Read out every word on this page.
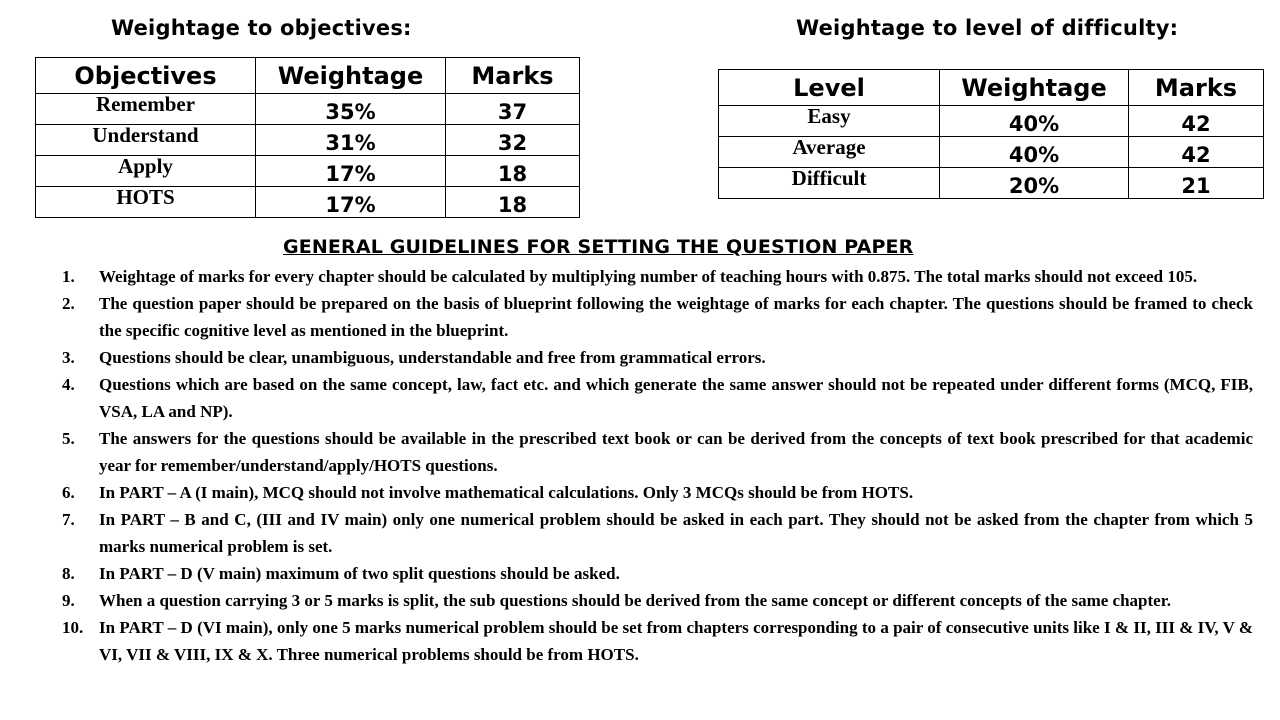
Weightage to objectives:
Objectives	Weightage	Marks
Remember	35%	37
Understand	31%	32
Apply	17%	18
HOTS	17%	18
Weightage to level of difficulty:
Level	Weightage	Marks
Easy	40%	42
Average	40%	42
Difficult	20%	21
GENERAL GUIDELINES FOR SETTING THE QUESTION PAPER
1. Weightage of marks for every chapter should be calculated by multiplying number of teaching hours with 0.875. The total marks should not exceed 105.
2. The question paper should be prepared on the basis of blueprint following the weightage of marks for each chapter. The questions should be framed to check the specific cognitive level as mentioned in the blueprint.
3. Questions should be clear, unambiguous, understandable and free from grammatical errors.
4. Questions which are based on the same concept, law, fact etc. and which generate the same answer should not be repeated under different forms (MCQ, FIB, VSA, LA and NP).
5. The answers for the questions should be available in the prescribed text book or can be derived from the concepts of text book prescribed for that academic year for remember/understand/apply/HOTS questions.
6. In PART – A (I main), MCQ should not involve mathematical calculations. Only 3 MCQs should be from HOTS.
7. In PART – B and C, (III and IV main) only one numerical problem should be asked in each part. They should not be asked from the chapter from which 5 marks numerical problem is set.
8. In PART – D (V main) maximum of two split questions should be asked.
9. When a question carrying 3 or 5 marks is split, the sub questions should be derived from the same concept or different concepts of the same chapter.
10. In PART – D (VI main), only one 5 marks numerical problem should be set from chapters corresponding to a pair of consecutive units like I & II, III & IV, V & VI, VII & VIII, IX & X. Three numerical problems should be from HOTS.
